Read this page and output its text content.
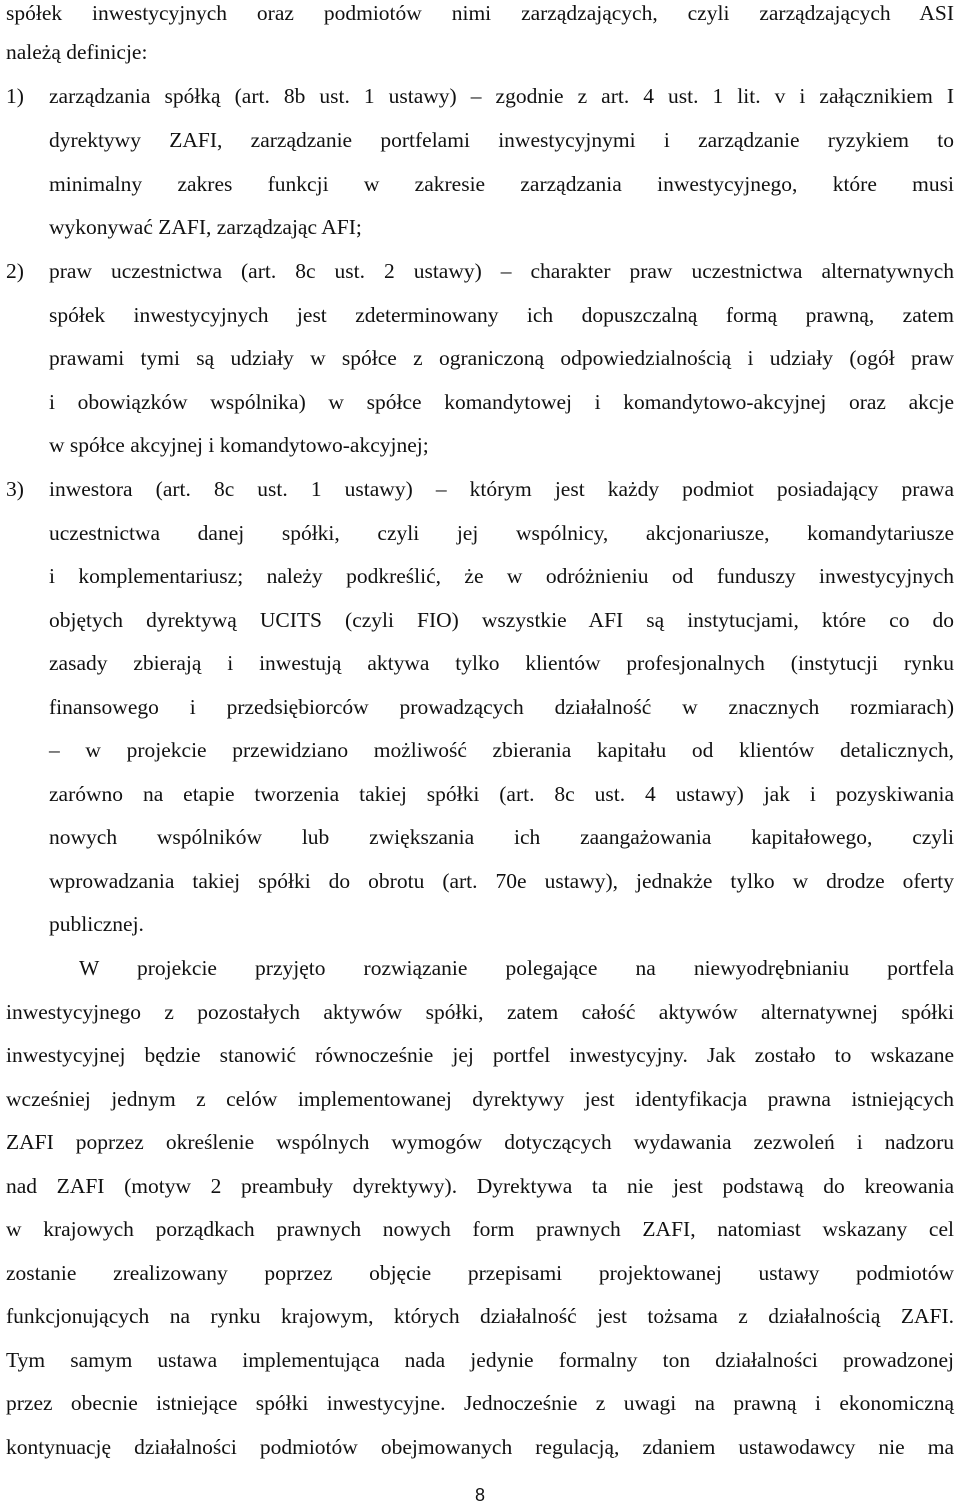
spółek inwestycyjnych oraz podmiotów nimi zarządzających, czyli zarządzających ASI
należą definicje:
1) zarządzania spółką (art. 8b ust. 1 ustawy) – zgodnie z art. 4 ust. 1 lit. v i załącznikiem I
dyrektywy ZAFI, zarządzanie portfelami inwestycyjnymi i zarządzanie ryzykiem to
minimalny zakres funkcji w zakresie zarządzania inwestycyjnego, które musi
wykonywać ZAFI, zarządzając AFI;
2) praw uczestnictwa (art. 8c ust. 2 ustawy) – charakter praw uczestnictwa alternatywnych
spółek inwestycyjnych jest zdeterminowany ich dopuszczalną formą prawną, zatem
prawami tymi są udziały w spółce z ograniczoną odpowiedzialnością i udziały (ogół praw
i obowiązków wspólnika) w spółce komandytowej i komandytowo-akcyjnej oraz akcje
w spółce akcyjnej i komandytowo-akcyjnej;
3) inwestora (art. 8c ust. 1 ustawy) – którym jest każdy podmiot posiadający prawa
uczestnictwa danej spółki, czyli jej wspólnicy, akcjonariusze, komandytariusze
i komplementariusz; należy podkreślić, że w odróżnieniu od funduszy inwestycyjnych
objętych dyrektywą UCITS (czyli FIO) wszystkie AFI są instytucjami, które co do
zasady zbierają i inwestują aktywa tylko klientów profesjonalnych (instytucji rynku
finansowego i przedsiębiorców prowadzących działalność w znacznych rozmiarach)
– w projekcie przewidziano możliwość zbierania kapitału od klientów detalicznych,
zarówno na etapie tworzenia takiej spółki (art. 8c ust. 4 ustawy) jak i pozyskiwania
nowych wspólników lub zwiększania ich zaangażowania kapitałowego, czyli
wprowadzania takiej spółki do obrotu (art. 70e ustawy), jednakże tylko w drodze oferty
publicznej.
W projekcie przyjęto rozwiązanie polegające na niewyodrębnianiu portfela
inwestycyjnego z pozostałych aktywów spółki, zatem całość aktywów alternatywnej spółki
inwestycyjnej będzie stanowić równocześnie jej portfel inwestycyjny. Jak zostało to wskazane
wcześniej jednym z celów implementowanej dyrektywy jest identyfikacja prawna istniejących
ZAFI poprzez określenie wspólnych wymogów dotyczących wydawania zezwoleń i nadzoru
nad ZAFI (motyw 2 preambuły dyrektywy). Dyrektywa ta nie jest podstawą do kreowania
w krajowych porządkach prawnych nowych form prawnych ZAFI, natomiast wskazany cel
zostanie zrealizowany poprzez objęcie przepisami projektowanej ustawy podmiotów
funkcjonujących na rynku krajowym, których działalność jest tożsama z działalnością ZAFI.
Tym samym ustawa implementująca nada jedynie formalny ton działalności prowadzonej
przez obecnie istniejące spółki inwestycyjne. Jednocześnie z uwagi na prawną i ekonomiczną
kontynuację działalności podmiotów obejmowanych regulacją, zdaniem ustawodawcy nie ma
8
